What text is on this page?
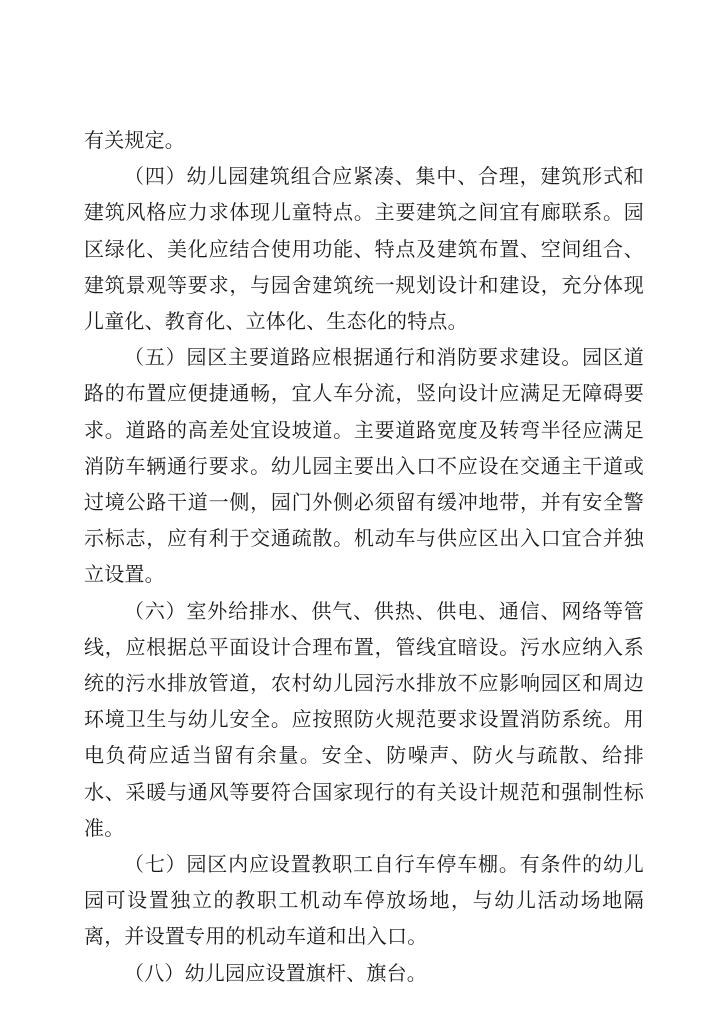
有关规定。

（四）幼儿园建筑组合应紧凑、集中、合理，建筑形式和建筑风格应力求体现儿童特点。主要建筑之间宜有廊联系。园区绿化、美化应结合使用功能、特点及建筑布置、空间组合、建筑景观等要求，与园舍建筑统一规划设计和建设，充分体现儿童化、教育化、立体化、生态化的特点。

（五）园区主要道路应根据通行和消防要求建设。园区道路的布置应便捷通畅，宜人车分流，竖向设计应满足无障碍要求。道路的高差处宜设坡道。主要道路宽度及转弯半径应满足消防车辆通行要求。幼儿园主要出入口不应设在交通主干道或过境公路干道一侧，园门外侧必须留有缓冲地带，并有安全警示标志，应有利于交通疏散。机动车与供应区出入口宜合并独立设置。

（六）室外给排水、供气、供热、供电、通信、网络等管线，应根据总平面设计合理布置，管线宜暗设。污水应纳入系统的污水排放管道，农村幼儿园污水排放不应影响园区和周边环境卫生与幼儿安全。应按照防火规范要求设置消防系统。用电负荷应适当留有余量。安全、防噪声、防火与疏散、给排水、采暖与通风等要符合国家现行的有关设计规范和强制性标准。

（七）园区内应设置教职工自行车停车棚。有条件的幼儿园可设置独立的教职工机动车停放场地，与幼儿活动场地隔离，并设置专用的机动车道和出入口。

（八）幼儿园应设置旗杆、旗台。
